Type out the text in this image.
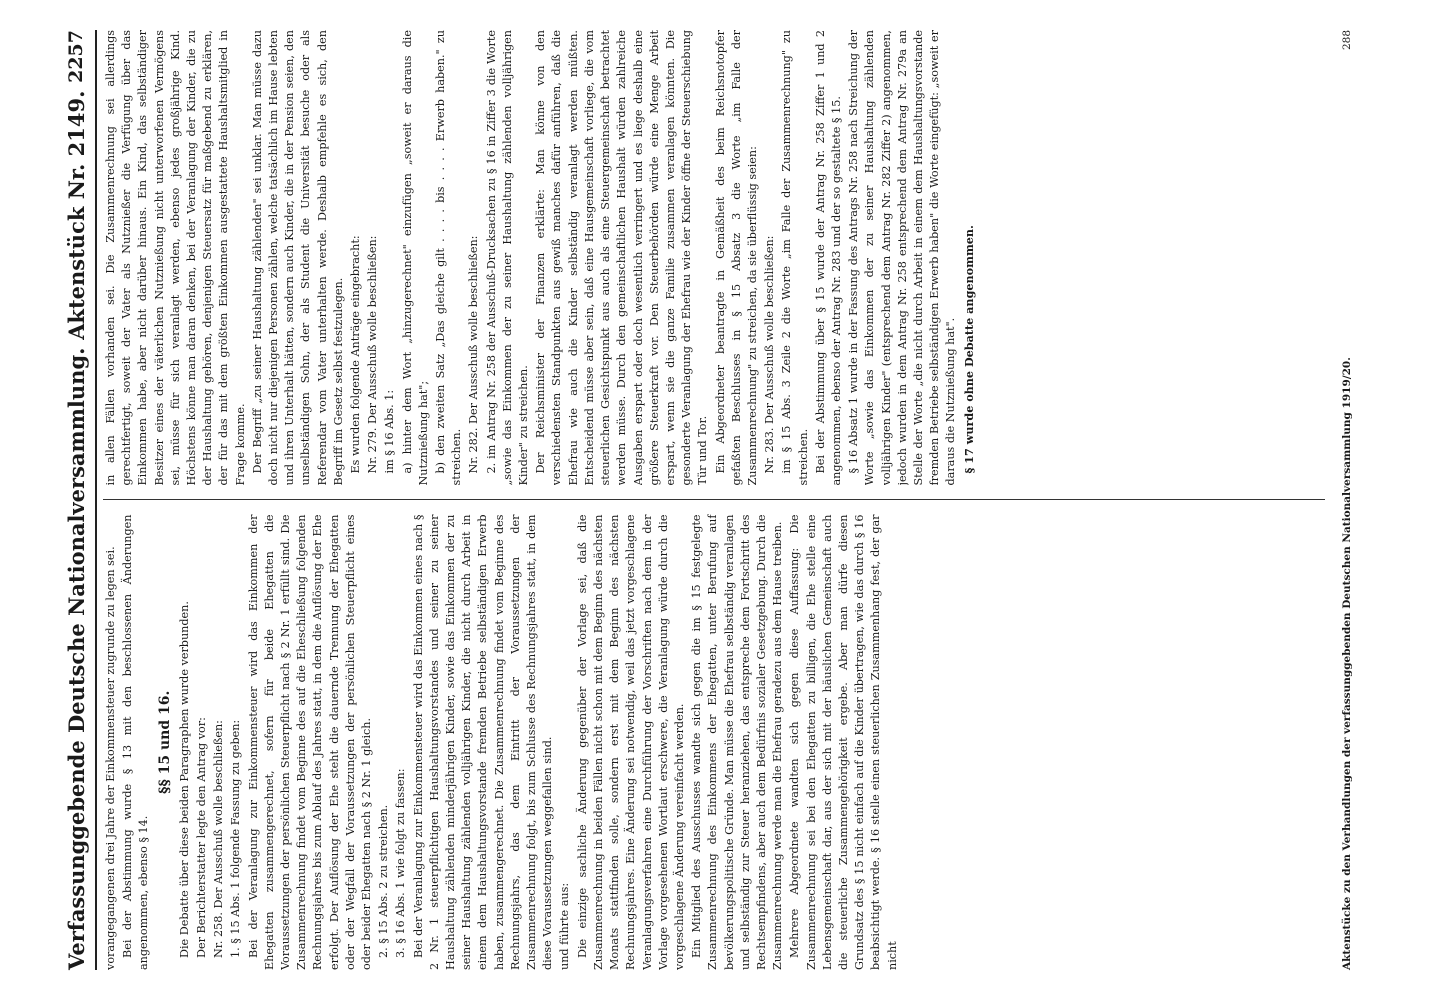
Verfassunggebende Deutsche Nationalversammlung.
Aktenstück Nr. 2149.
2257

vorangegangenen drei Jahre der Einkommensteuer zugrunde zu legen sei. Bei der Abstimmung wurde § 13 mit den beschlossenen Änderungen angenommen, ebenso § 14.

§§ 15 und 16. Die Debatte über diese beiden Paragraphen wurde verbunden. Der Berichterstatter legte den Antrag vor: Nr. 258. Der Ausschuß wolle beschließen: 1. § 15 Abs. 1 folgende Fassung zu geben: Bei der Veranlagung zur Einkommensteuer wird das Einkommen der Ehegatten zusammengerechnet, sofern für beide Ehegatten die Voraussetzungen der persönlichen Steuerpflicht nach § 2 Nr. 1 erfüllt sind. Die Zusammenrechnung findet vom Beginne des auf die Eheschließung folgenden Rechnungsjahres bis zum Ablauf des Jahres statt, in dem die Auflösung der Ehe erfolgt. Der Auflösung der Ehe steht die dauernde Trennung der Ehegatten oder der Wegfall der Voraussetzungen der persönlichen Steuerpflicht eines oder beider Ehegatten nach § 2 Nr. 1 gleich. 2. § 15 Abs. 2 zu streichen. 3. § 16 Abs. 1 wie folgt zu fassen: Bei der Veranlagung zur Einkommensteuer wird das Einkommen eines nach § 2 Nr. 1 steuerpflichtigen Haushaltungsvorstandes und seiner zu seiner Haushaltung zählenden minderjährigen Kinder, sowie das Einkommen der zu seiner Haushaltung zählenden volljährigen Kinder, die nicht durch Arbeit in einem dem Haushaltungsvorstande fremden Betriebe selbständigen Erwerb haben, zusammengerechnet. Die Zusammenrechnung findet vom Beginne des Rechnungsjahrs, das dem Eintritt der Voraussetzungen der Zusammenrechnung folgt, bis zum Schlusse des Rechnungsjahres statt, in dem diese Voraussetzungen weggefallen sind. und führte aus: Die einzige sachliche Änderung gegenüber der Vorlage sei, daß die Zusammenrechnung in beiden Fällen nicht schon mit dem Beginn des nächsten Monats stattfinden solle, sondern erst mit dem Beginn des nächsten Rechnungsjahres. Eine Änderung sei notwendig, weil das jetzt vorgeschlagene Veranlagungsverfahren eine Durchführung der Vorschriften nach dem in der Vorlage vorgesehenen Wortlaut erschwere, die Veranlagung würde durch die vorgeschlagene Änderung vereinfacht werden. Ein Mitglied des Ausschusses wandte sich gegen die im § 15 festgelegte Zusammenrechnung des Einkommens der Ehegatten, unter Berufung auf bevölkerungspolitische Gründe. Man müsse die Ehefrau selbständig veranlagen und selbständig zur Steuer heranziehen, das entspreche dem Fortschritt des Rechtsempfindens, aber auch dem Bedürfnis sozialer Gesetzgebung. Durch die Zusammenrechnung werde man die Ehefrau geradezu aus dem Hause treiben. Mehrere Abgeordnete wandten sich gegen diese Auffassung: Die Zusammenrechnung sei bei den Ehegatten zu billigen, die Ehe stelle eine Lebensgemeinschaft dar, aus der sich mit der häuslichen Gemeinschaft auch die steuerliche Zusammengehörigkeit ergebe. Aber man dürfe diesen Grundsatz des § 15 nicht einfach auf die Kinder übertragen, wie das durch § 16 beabsichtigt werde. § 16 stelle einen steuerlichen Zusammenhang fest, der gar nicht

in allen Fällen vorhanden sei. Die Zusammenrechnung sei allerdings gerechtfertigt, soweit der Vater als Nutznießer die Verfügung über das Einkommen habe, aber nicht darüber hinaus. Ein Kind, das selbständiger Besitzer eines der väterlichen Nutznießung nicht unterworfenen Vermögens sei, müsse für sich veranlagt werden, ebenso jedes großjährige Kind. Höchstens könne man daran denken, bei der Veranlagung der Kinder, die zu der Haushaltung gehören, denjenigen Steuersatz für maßgebend zu erklären, der für das mit dem größten Einkommen ausgestattete Haushaltsmitglied in Frage komme. Der Begriff „zu seiner Haushaltung zählenden" sei unklar. Man müsse dazu doch nicht nur diejenigen Personen zählen, welche tatsächlich im Hause lebten und ihren Unterhalt hätten, sondern auch Kinder, die in der Pension seien, den unselbständigen Sohn, der als Student die Universität besuche oder als Referendar vom Vater unterhalten werde. Deshalb empfehle es sich, den Begriff im Gesetz selbst festzulegen. Es wurden folgende Anträge eingebracht: Nr. 279. Der Ausschuß wolle beschließen: im § 16 Abs. 1: a) hinter dem Wort „hinzugerechnet" einzufügen „soweit er daraus die Nutznießung hat"; b) den zweiten Satz „Das gleiche gilt . . . . bis . . . . Erwerb haben." zu streichen. Nr. 282. Der Ausschuß wolle beschließen: 2. im Antrag Nr. 258 der Ausschuß-Drucksachen zu § 16 in Ziffer 3 die Worte „sowie das Einkommen der zu seiner Haushaltung zählenden volljährigen Kinder" zu streichen. Der Reichsminister der Finanzen erklärte: Man könne von den verschiedensten Standpunkten aus gewiß manches dafür anführen, daß die Ehefrau wie auch die Kinder selbständig veranlagt werden müßten. Entscheidend müsse aber sein, daß eine Hausgemeinschaft vorliege, die vom steuerlichen Gesichtspunkt aus auch als eine Steuergemeinschaft betrachtet werden müsse. Durch den gemeinschaftlichen Haushalt würden zahlreiche Ausgaben erspart oder doch wesentlich verringert und es liege deshalb eine größere Steuerkraft vor. Den Steuerbehörden würde eine Menge Arbeit erspart, wenn sie die ganze Familie zusammen veranlagen könnten. Die gesonderte Veranlagung der Ehefrau wie der Kinder öffne der Steuerschiebung Tür und Tor. Ein Abgeordneter beantragte in Gemäßheit des beim Reichsnotopfer gefaßten Beschlusses in § 15 Absatz 3 die Worte „im Falle der Zusammenrechnung" zu streichen, da sie überflüssig seien: Nr. 283. Der Ausschuß wolle beschließen: im § 15 Abs. 3 Zeile 2 die Worte „im Falle der Zusammenrechnung" zu streichen. Bei der Abstimmung über § 15 wurde der Antrag Nr. 258 Ziffer 1 und 2 angenommen, ebenso der Antrag Nr. 283 und der so gestaltete § 15. § 16 Absatz 1 wurde in der Fassung des Antrags Nr. 258 nach Streichung der Worte „sowie das Einkommen der zu seiner Haushaltung zählenden volljährigen Kinder" (entsprechend dem Antrag Nr. 282 Ziffer 2) angenommen, jedoch wurden in dem Antrag Nr. 258 entsprechend dem Antrag Nr. 279a an Stelle der Worte „die nicht durch Arbeit in einem dem Haushaltungsvorstande fremden Betriebe selbständigen Erwerb haben" die Worte eingefügt: „soweit er daraus die Nutznießung hat". § 17 wurde ohne Debatte angenommen.

Aktenstücke zu den Verhandlungen der verfassunggebenden Deutschen Nationalversammlung 1919/20.
288
